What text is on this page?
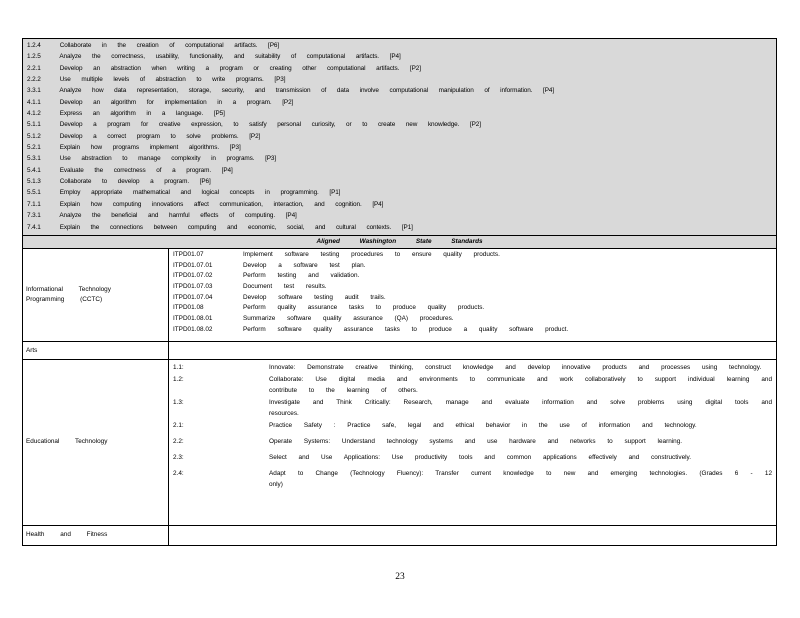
1.2.4	Collaborate in the creation of computational artifacts. [P6]
1.2.5	Analyze the correctness, usability, functionality, and suitability of computational artifacts. [P4]
2.2.1	Develop an abstraction when writing a program or creating other computational artifacts. [P2]
2.2.2	Use multiple levels of abstraction to write programs. [P3]
3.3.1	Analyze how data representation, storage, security, and transmission of data involve computational manipulation of information. [P4]
4.1.1	Develop an algorithm for implementation in a program. [P2]
4.1.2	Express an algorithm in a language. [P5]
5.1.1	Develop a program for creative expression, to satisfy personal curiosity, or to create new knowledge. [P2]
5.1.2	Develop a correct program to solve problems. [P2]
5.2.1	Explain how programs implement algorithms. [P3]
5.3.1	Use abstraction to manage complexity in programs. [P3]
5.4.1	Evaluate the correctness of a program. [P4]
5.1.3	Collaborate to develop a program. [P6]
5.5.1	Employ appropriate mathematical and logical concepts in programming. [P1]
7.1.1	Explain how computing innovations affect communication, interaction, and cognition. [P4]
7.3.1	Analyze the beneficial and harmful effects of computing. [P4]
7.4.1	Explain the connections between computing and economic, social, and cultural contexts. [P1]
Aligned Washington State Standards
Informational Technology Programming (CCTC)
ITPD01.07	Implement software testing procedures to ensure quality products.
ITPD01.07.01	Develop a software test plan.
ITPD01.07.02	Perform testing and validation.
ITPD01.07.03	Document test results.
ITPD01.07.04	Develop software testing audit trails.
ITPD01.08	Perform quality assurance tasks to produce quality products.
ITPD01.08.01	Summarize software quality assurance (QA) procedures.
ITPD01.08.02	Perform software quality assurance tasks to produce a quality software product.
Arts
Educational Technology
1.1:	Innovate: Demonstrate creative thinking, construct knowledge and develop innovative products and processes using technology.
1.2:	Collaborate: Use digital media and environments to communicate and work collaboratively to support individual learning and contribute to the learning of others.
1.3:	Investigate and Think Critically: Research, manage and evaluate information and solve problems using digital tools and resources.
2.1:	Practice Safety : Practice safe, legal and ethical behavior in the use of information and technology.
2.2:	Operate Systems: Understand technology systems and use hardware and networks to support learning.
2.3:	Select and Use Applications: Use productivity tools and common applications effectively and constructively.
2.4:	Adapt to Change (Technology Fluency): Transfer current knowledge to new and emerging technologies. (Grades 6 - 12 only)
Health and Fitness
23
